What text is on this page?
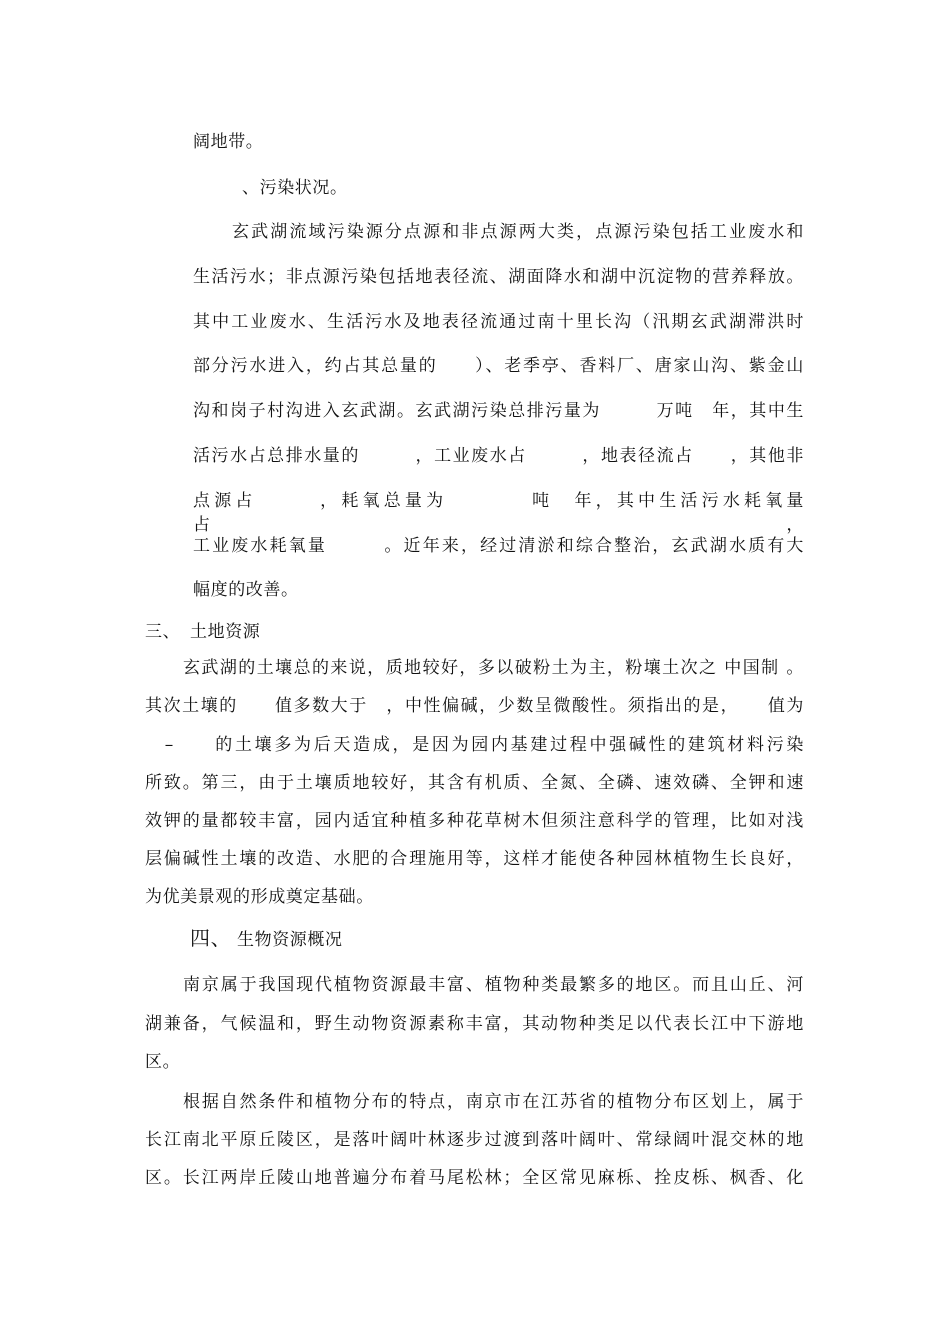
阔地带。
、污染状况。
玄武湖流域污染源分点源和非点源两大类，点源污染包括工业废水和
生活污水；非点源污染包括地表径流、湖面降水和湖中沉淀物的营养释放。
其中工业废水、生活污水及地表径流通过南十里长沟（汛期玄武湖滞洪时
部分污水进入，约占其总量的　　）、老季亭、香料厂、唐家山沟、紫金山
沟和岗子村沟进入玄武湖。玄武湖污染总排污量为　　　万吨　年，其中生
活污水占总排水量的　　　，工业废水占　　　，地表径流占　　，其他非
点源占　　　，耗氧总量为　　　　吨　年，其中生活污水耗氧量占　　　　，
工业废水耗氧量　　　。近年来，经过清淤和综合整治，玄武湖水质有大
幅度的改善。
三、 土地资源
玄武湖的土壤总的来说，质地较好，多以破粉土为主，粉壤土次之 中国制 。
其次土壤的　　值多数大于　，中性偏碱，少数呈微酸性。须指出的是，　　值为
　–　　的土壤多为后天造成，是因为园内基建过程中强碱性的建筑材料污染
所致。第三，由于土壤质地较好，其含有机质、全氮、全磷、速效磷、全钾和速
效钾的量都较丰富，园内适宜种植多种花草树木但须注意科学的管理，比如对浅
层偏碱性土壤的改造、水肥的合理施用等，这样才能使各种园林植物生长良好，
为优美景观的形成奠定基础。
四、 生物资源概况
南京属于我国现代植物资源最丰富、植物种类最繁多的地区。而且山丘、河
湖兼备，气候温和，野生动物资源素称丰富，其动物种类足以代表长江中下游地
区。
根据自然条件和植物分布的特点，南京市在江苏省的植物分布区划上，属于
长江南北平原丘陵区，是落叶阔叶林逐步过渡到落叶阔叶、常绿阔叶混交林的地
区。长江两岸丘陵山地普遍分布着马尾松林；全区常见麻栎、拴皮栎、枫香、化
